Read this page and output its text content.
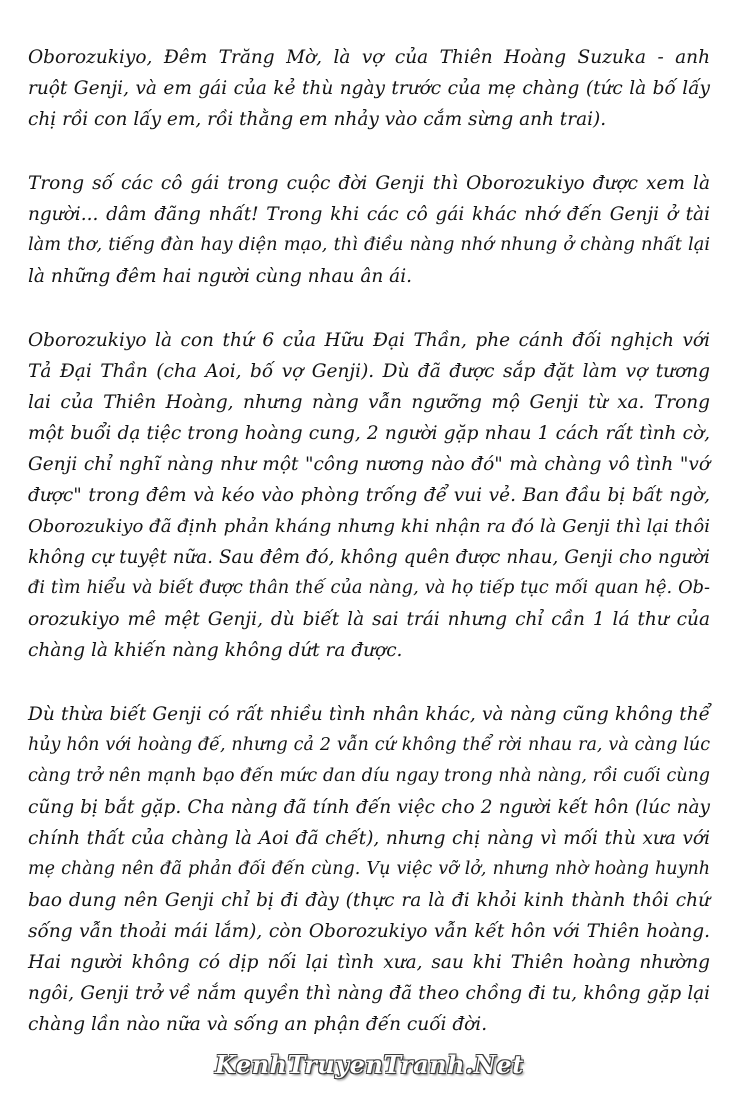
Oborozukiyo, Đêm Trăng Mờ, là vợ của Thiên Hoàng Suzuka - anh
ruột Genji, và em gái của kẻ thù ngày trước của mẹ chàng (tức là bố lấy
chị rồi con lấy em, rồi thằng em nhảy vào cắm sừng anh trai).
Trong số các cô gái trong cuộc đời Genji thì Oborozukiyo được xem là
người... dâm đãng nhất! Trong khi các cô gái khác nhớ đến Genji ở tài
làm thơ, tiếng đàn hay diện mạo, thì điều nàng nhớ nhung ở chàng nhất lại
là những đêm hai người cùng nhau ân ái.
Oborozukiyo là con thứ 6 của Hữu Đại Thần, phe cánh đối nghịch với
Tả Đại Thần (cha Aoi, bố vợ Genji). Dù đã được sắp đặt làm vợ tương
lai của Thiên Hoàng, nhưng nàng vẫn ngưỡng mộ Genji từ xa. Trong
một buổi dạ tiệc trong hoàng cung, 2 người gặp nhau 1 cách rất tình cờ,
Genji chỉ nghĩ nàng như một "công nương nào đó" mà chàng vô tình "vớ
được" trong đêm và kéo vào phòng trống để vui vẻ. Ban đầu bị bất ngờ,
Oborozukiyo đã định phản kháng nhưng khi nhận ra đó là Genji thì lại thôi
không cự tuyệt nữa. Sau đêm đó, không quên được nhau, Genji cho người
đi tìm hiểu và biết được thân thế của nàng, và họ tiếp tục mối quan hệ. Ob-
orozukiyo mê mệt Genji, dù biết là sai trái nhưng chỉ cần 1 lá thư của
chàng là khiến nàng không dứt ra được.
Dù thừa biết Genji có rất nhiều tình nhân khác, và nàng cũng không thể
hủy hôn với hoàng đế, nhưng cả 2 vẫn cứ không thể rời nhau ra, và càng lúc
càng trở nên mạnh bạo đến mức dan díu ngay trong nhà nàng, rồi cuối cùng
cũng bị bắt gặp. Cha nàng đã tính đến việc cho 2 người kết hôn (lúc này
chính thất của chàng là Aoi đã chết), nhưng chị nàng vì mối thù xưa với
mẹ chàng nên đã phản đối đến cùng. Vụ việc vỡ lở, nhưng nhờ hoàng huynh
bao dung nên Genji chỉ bị đi đày (thực ra là đi khỏi kinh thành thôi chứ
sống vẫn thoải mái lắm), còn Oborozukiyo vẫn kết hôn với Thiên hoàng.
Hai người không có dịp nối lại tình xưa, sau khi Thiên hoàng nhường
ngôi, Genji trở về nắm quyền thì nàng đã theo chồng đi tu, không gặp lại
chàng lần nào nữa và sống an phận đến cuối đời.
KenhTruyenTranh.Net
